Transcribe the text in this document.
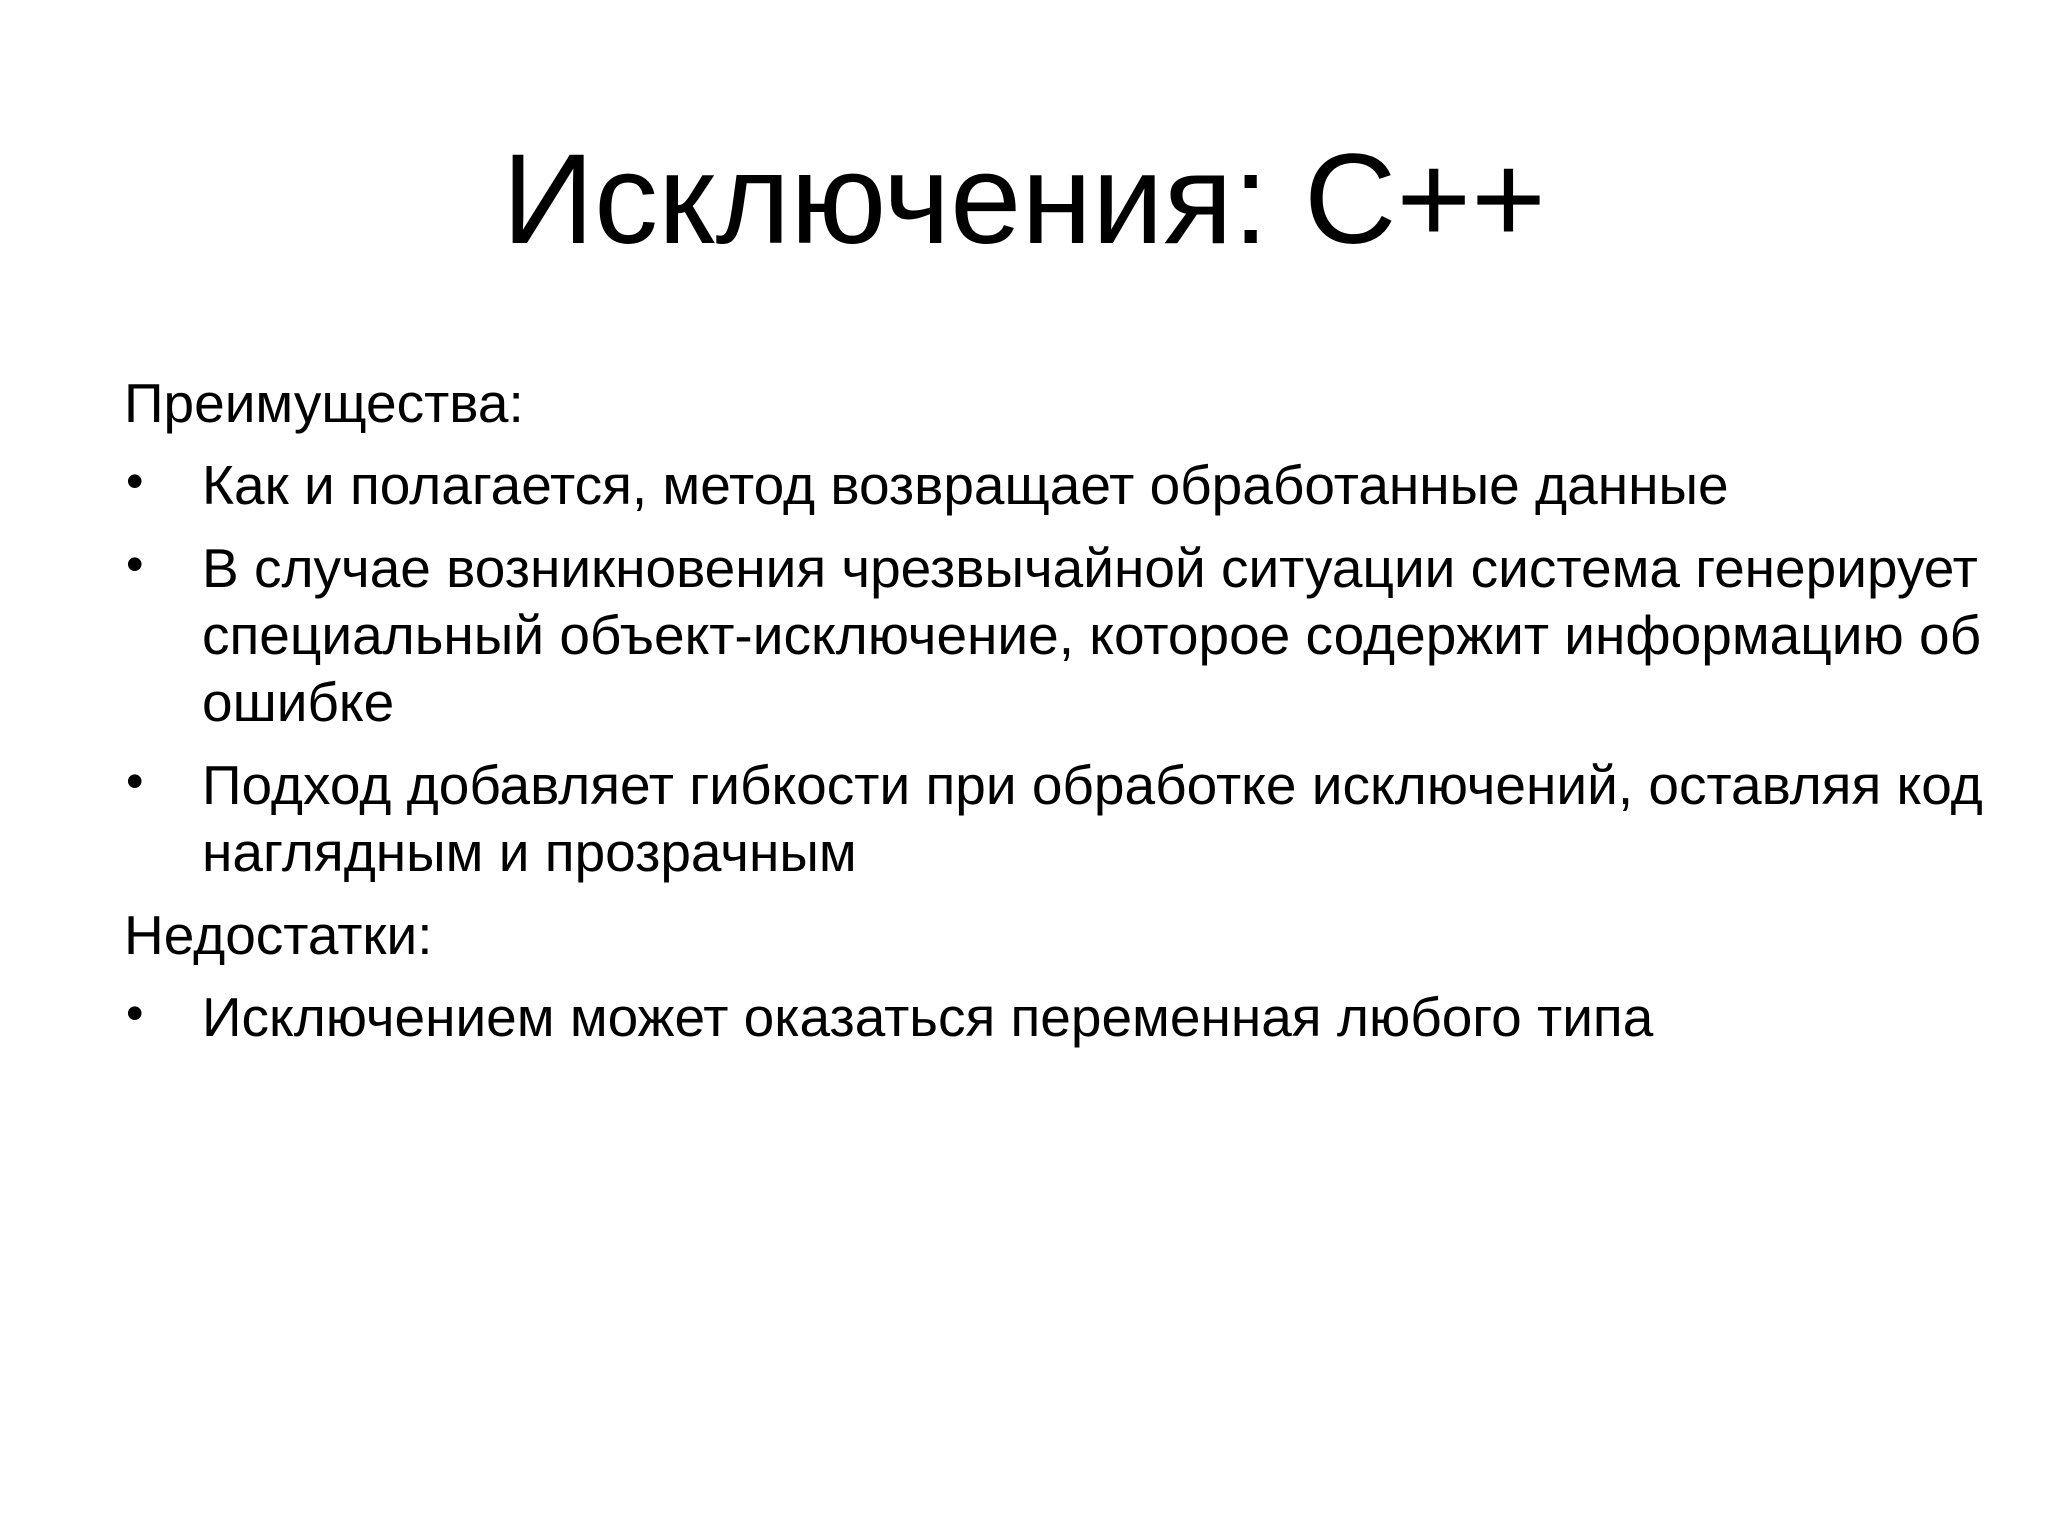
Исключения: С++
Преимущества:
• Как и полагается, метод возвращает обработанные данные
• В случае возникновения чрезвычайной ситуации система генерирует специальный объект-исключение, которое содержит информацию об ошибке
• Подход добавляет гибкости при обработке исключений, оставляя код наглядным и прозрачным
Недостатки:
• Исключением может оказаться переменная любого типа
